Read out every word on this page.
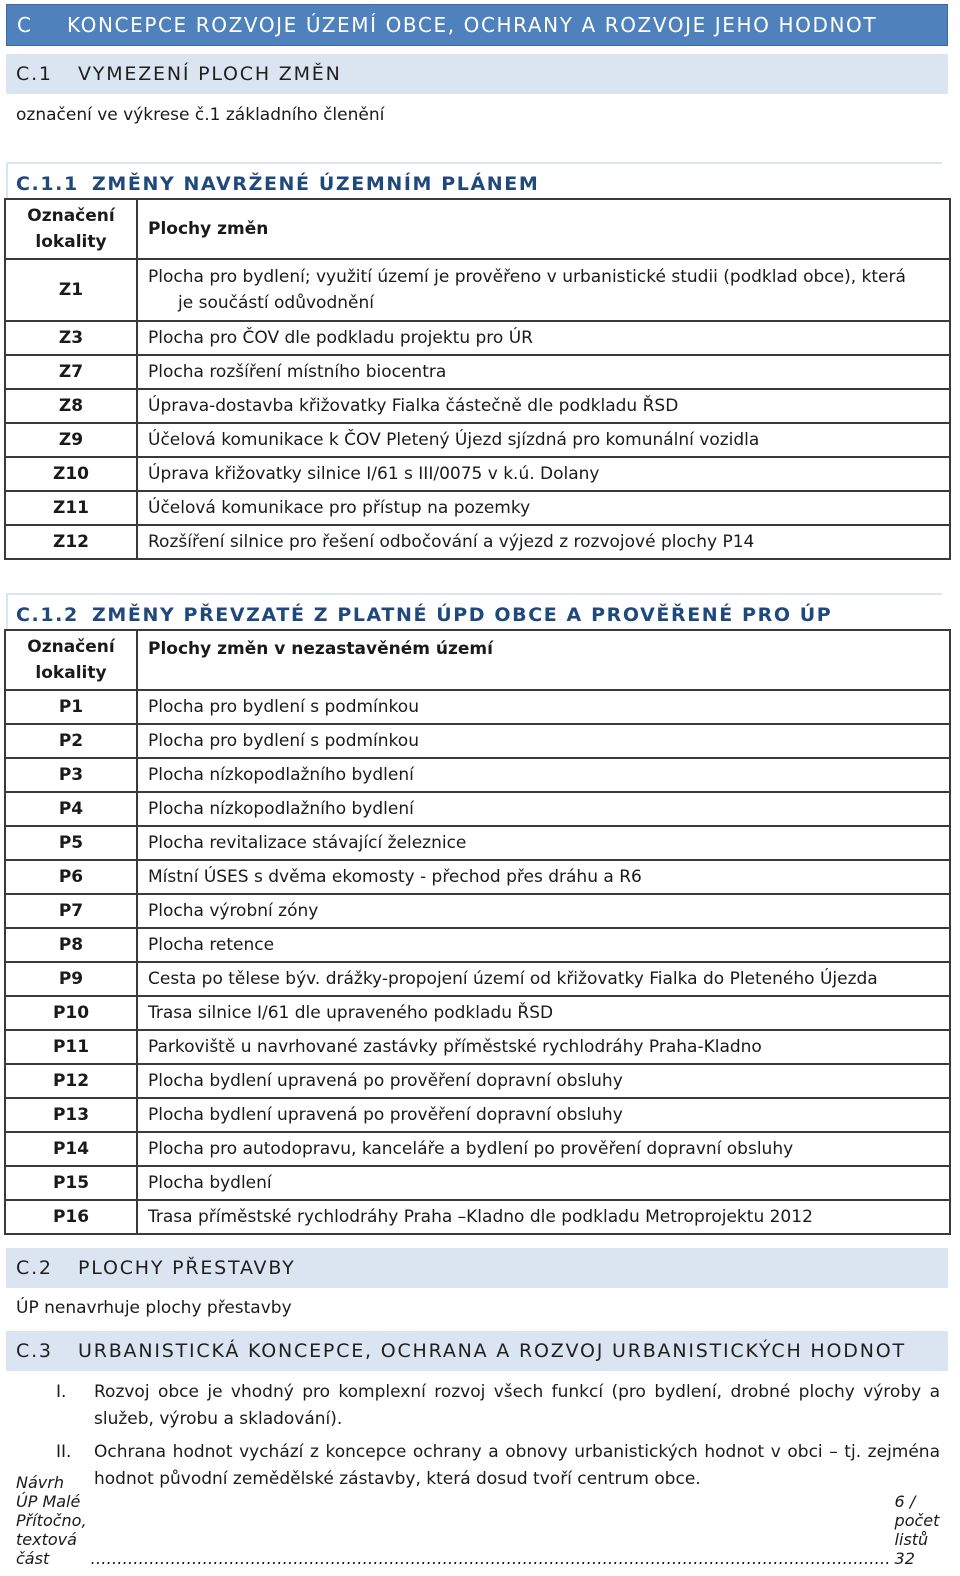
C	KONCEPCE ROZVOJE ÚZEMÍ OBCE, OCHRANY A ROZVOJE JEHO HODNOT
C.1	VYMEZENÍ PLOCH ZMĚN
označení ve výkrese č.1 základního členění
C.1.1 ZMĚNY NAVRŽENÉ ÚZEMNÍM PLÁNEM
Označení lokality	Plochy změn
Z1	Plocha pro bydlení; využití území je prověřeno v urbanistické studii (podklad obce), která
je součástí odůvodnění

Z3	Plocha pro ČOV dle podkladu projektu pro ÚR
Z7	Plocha rozšíření místního biocentra
Z8	Úprava-dostavba křižovatky Fialka částečně dle podkladu ŘSD
Z9	Účelová komunikace k ČOV Pletený Újezd sjízdná pro komunální vozidla
Z10	Úprava křižovatky silnice I/61 s III/0075 v k.ú. Dolany
Z11	Účelová komunikace pro přístup na pozemky
Z12	Rozšíření silnice pro řešení odbočování a výjezd z rozvojové plochy P14
C.1.2 ZMĚNY PŘEVZATÉ Z PLATNÉ ÚPD OBCE A PROVĚŘENÉ PRO ÚP
Označení lokality	Plochy změn v nezastavěném území
P1	Plocha pro bydlení s podmínkou
P2	Plocha pro bydlení s podmínkou
P3	Plocha nízkopodlažního bydlení
P4	Plocha nízkopodlažního bydlení
P5	Plocha revitalizace stávající železnice
P6	Místní ÚSES s dvěma ekomosty - přechod přes dráhu a R6
P7	Plocha výrobní zóny
P8	Plocha retence
P9	Cesta po tělese býv. drážky-propojení území od křižovatky Fialka do Pleteného Újezda
P10	Trasa silnice I/61 dle upraveného podkladu ŘSD
P11	Parkoviště u navrhované zastávky příměstské rychlodráhy Praha-Kladno
P12	Plocha bydlení upravená po prověření dopravní obsluhy
P13	Plocha bydlení upravená po prověření dopravní obsluhy
P14	Plocha pro autodopravu, kanceláře a bydlení po prověření dopravní obsluhy
P15	Plocha bydlení
P16	Trasa příměstské rychlodráhy Praha –Kladno dle podkladu Metroprojektu 2012
C.2	PLOCHY PŘESTAVBY
ÚP nenavrhuje plochy přestavby
C.3	URBANISTICKÁ KONCEPCE, OCHRANA A ROZVOJ URBANISTICKÝCH HODNOT
I.	Rozvoj obce je vhodný pro komplexní rozvoj všech funkcí (pro bydlení, drobné plochy výroby a služeb, výrobu a skladování).
II.	Ochrana hodnot vychází z koncepce ochrany a obnovy urbanistických hodnot v obci – tj. zejména hodnot původní zemědělské zástavby, která dosud tvoří centrum obce.
Návrh ÚP Malé Přítočno, textová část	……………………………………………………………………………………………………………………………………
6 / počet listů 32
